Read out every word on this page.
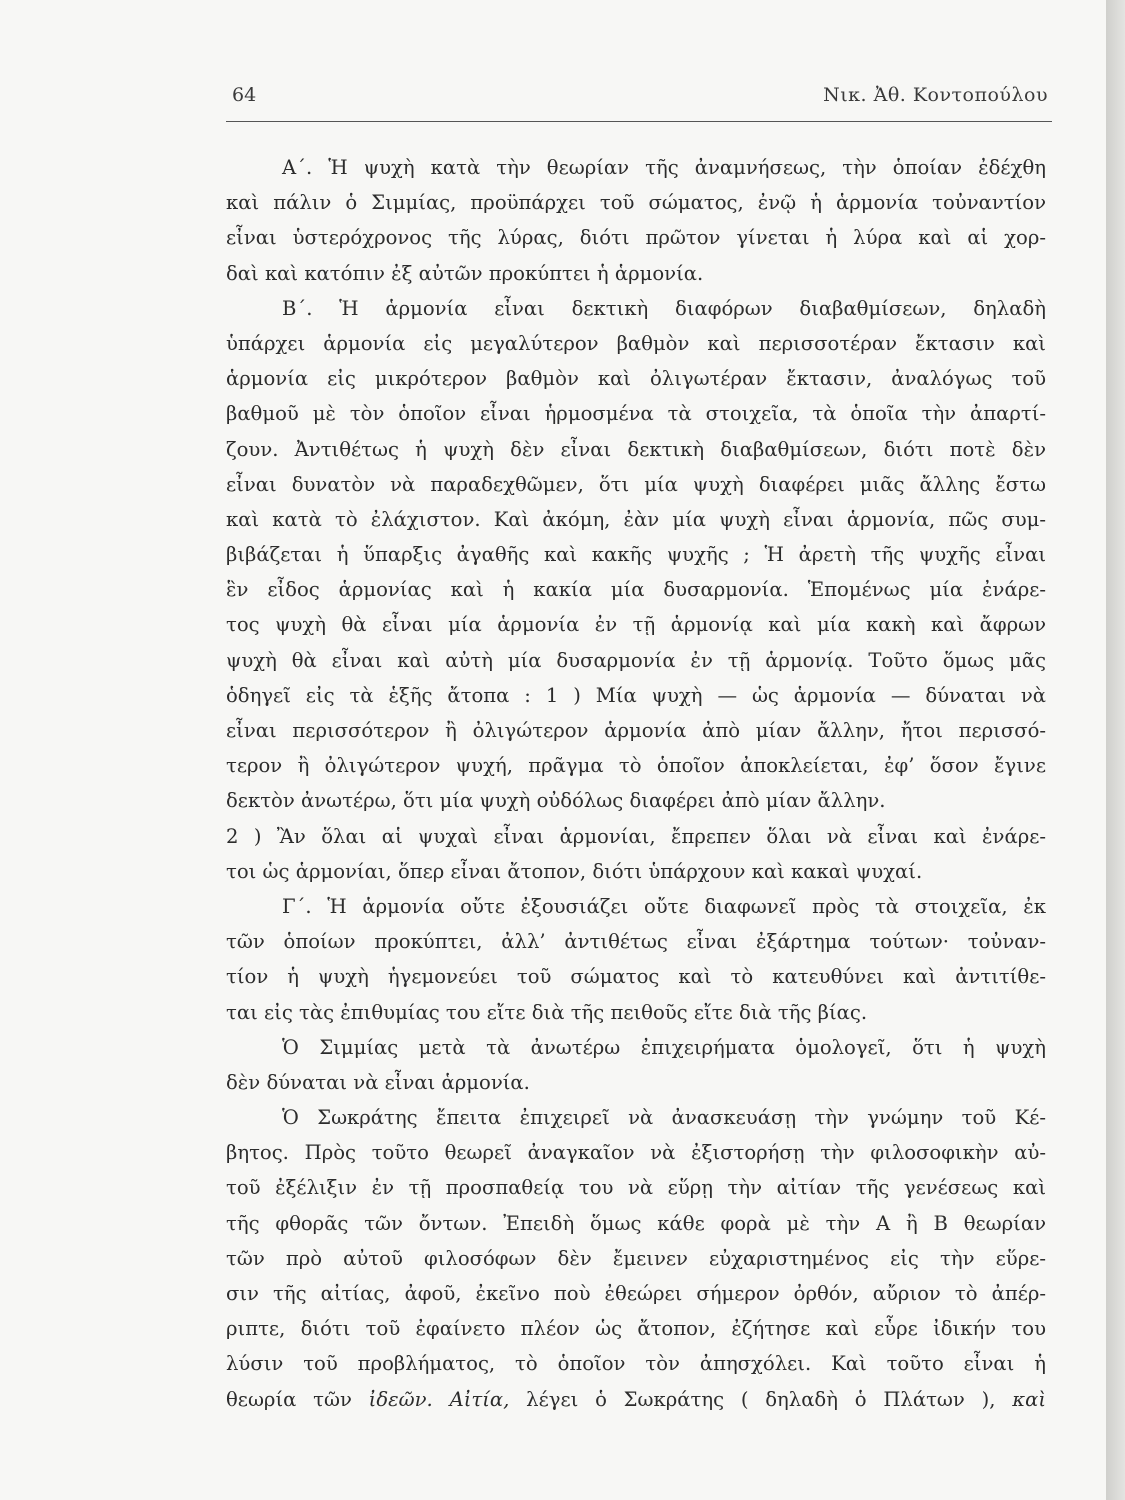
64	Νικ. Ἀθ. Κοντοπούλου
Α΄. Ἡ ψυχὴ κατὰ τὴν θεωρίαν τῆς ἀναμνήσεως, τὴν ὁποίαν ἐδέχθη
καὶ πάλιν ὁ Σιμμίας, προϋπάρχει τοῦ σώματος, ἐνῷ ἡ ἁρμονία τοὐναντίον
εἶναι ὑστερόχρονος τῆς λύρας, διότι πρῶτον γίνεται ἡ λύρα καὶ αἱ χορ-
δαὶ καὶ κατόπιν ἐξ αὐτῶν προκύπτει ἡ ἁρμονία.
Β΄. Ἡ ἁρμονία εἶναι δεκτικὴ διαφόρων διαβαθμίσεων, δηλαδὴ
ὑπάρχει ἁρμονία εἰς μεγαλύτερον βαθμὸν καὶ περισσοτέραν ἔκτασιν καὶ
ἁρμονία εἰς μικρότερον βαθμὸν καὶ ὀλιγωτέραν ἔκτασιν, ἀναλόγως τοῦ
βαθμοῦ μὲ τὸν ὁποῖον εἶναι ἡρμοσμένα τὰ στοιχεῖα, τὰ ὁποῖα τὴν ἀπαρτί-
ζουν. Ἀντιθέτως ἡ ψυχὴ δὲν εἶναι δεκτικὴ διαβαθμίσεων, διότι ποτὲ δὲν
εἶναι δυνατὸν νὰ παραδεχθῶμεν, ὅτι μία ψυχὴ διαφέρει μιᾶς ἄλλης ἔστω
καὶ κατὰ τὸ ἐλάχιστον. Καὶ ἀκόμη, ἐὰν μία ψυχὴ εἶναι ἁρμονία, πῶς συμ-
βιβάζεται ἡ ὕπαρξις ἀγαθῆς καὶ κακῆς ψυχῆς ; Ἡ ἀρετὴ τῆς ψυχῆς εἶναι
ἓν εἶδος ἁρμονίας καὶ ἡ κακία μία δυσαρμονία. Ἑπομένως μία ἐνάρε-
τος ψυχὴ θὰ εἶναι μία ἁρμονία ἐν τῇ ἁρμονίᾳ καὶ μία κακὴ καὶ ἄφρων
ψυχὴ θὰ εἶναι καὶ αὐτὴ μία δυσαρμονία ἐν τῇ ἁρμονίᾳ. Τοῦτο ὅμως μᾶς
ὁδηγεῖ εἰς τὰ ἑξῆς ἄτοπα : 1 ) Μία ψυχὴ — ὡς ἁρμονία — δύναται νὰ
εἶναι περισσότερον ἢ ὀλιγώτερον ἁρμονία ἀπὸ μίαν ἄλλην, ἤτοι περισσό-
τερον ἢ ὀλιγώτερον ψυχή, πρᾶγμα τὸ ὁποῖον ἀποκλείεται, ἐφ’ ὅσον ἔγινε
δεκτὸν ἀνωτέρω, ὅτι μία ψυχὴ οὐδόλως διαφέρει ἀπὸ μίαν ἄλλην.
2 ) Ἂν ὅλαι αἱ ψυχαὶ εἶναι ἁρμονίαι, ἔπρεπεν ὅλαι νὰ εἶναι καὶ ἐνάρε-
τοι ὡς ἁρμονίαι, ὅπερ εἶναι ἄτοπον, διότι ὑπάρχουν καὶ κακαὶ ψυχαί.
Γ΄. Ἡ ἁρμονία οὔτε ἐξουσιάζει οὔτε διαφωνεῖ πρὸς τὰ στοιχεῖα, ἐκ
τῶν ὁποίων προκύπτει, ἀλλ’ ἀντιθέτως εἶναι ἐξάρτημα τούτων· τοὐναν-
τίον ἡ ψυχὴ ἡγεμονεύει τοῦ σώματος καὶ τὸ κατευθύνει καὶ ἀντιτίθε-
ται εἰς τὰς ἐπιθυμίας του εἴτε διὰ τῆς πειθοῦς εἴτε διὰ τῆς βίας.
Ὁ Σιμμίας μετὰ τὰ ἀνωτέρω ἐπιχειρήματα ὁμολογεῖ, ὅτι ἡ ψυχὴ
δὲν δύναται νὰ εἶναι ἁρμονία.
Ὁ Σωκράτης ἔπειτα ἐπιχειρεῖ νὰ ἀνασκευάσῃ τὴν γνώμην τοῦ Κέ-
βητος. Πρὸς τοῦτο θεωρεῖ ἀναγκαῖον νὰ ἐξιστορήσῃ τὴν φιλοσοφικὴν αὐ-
τοῦ ἐξέλιξιν ἐν τῇ προσπαθείᾳ του νὰ εὕρῃ τὴν αἰτίαν τῆς γενέσεως καὶ
τῆς φθορᾶς τῶν ὄντων. Ἐπειδὴ ὅμως κάθε φορὰ μὲ τὴν Α ἢ Β θεωρίαν
τῶν πρὸ αὐτοῦ φιλοσόφων δὲν ἔμεινεν εὐχαριστημένος εἰς τὴν εὕρε-
σιν τῆς αἰτίας, ἀφοῦ, ἐκεῖνο ποὺ ἐθεώρει σήμερον ὀρθόν, αὔριον τὸ ἀπέρ-
ριπτε, διότι τοῦ ἐφαίνετο πλέον ὡς ἄτοπον, ἐζήτησε καὶ εὗρε ἰδικήν του
λύσιν τοῦ προβλήματος, τὸ ὁποῖον τὸν ἀπησχόλει. Καὶ τοῦτο εἶναι ἡ
θεωρία τῶν ἰδεῶν. Αἰτία, λέγει ὁ Σωκράτης ( δηλαδὴ ὁ Πλάτων ), καὶ
